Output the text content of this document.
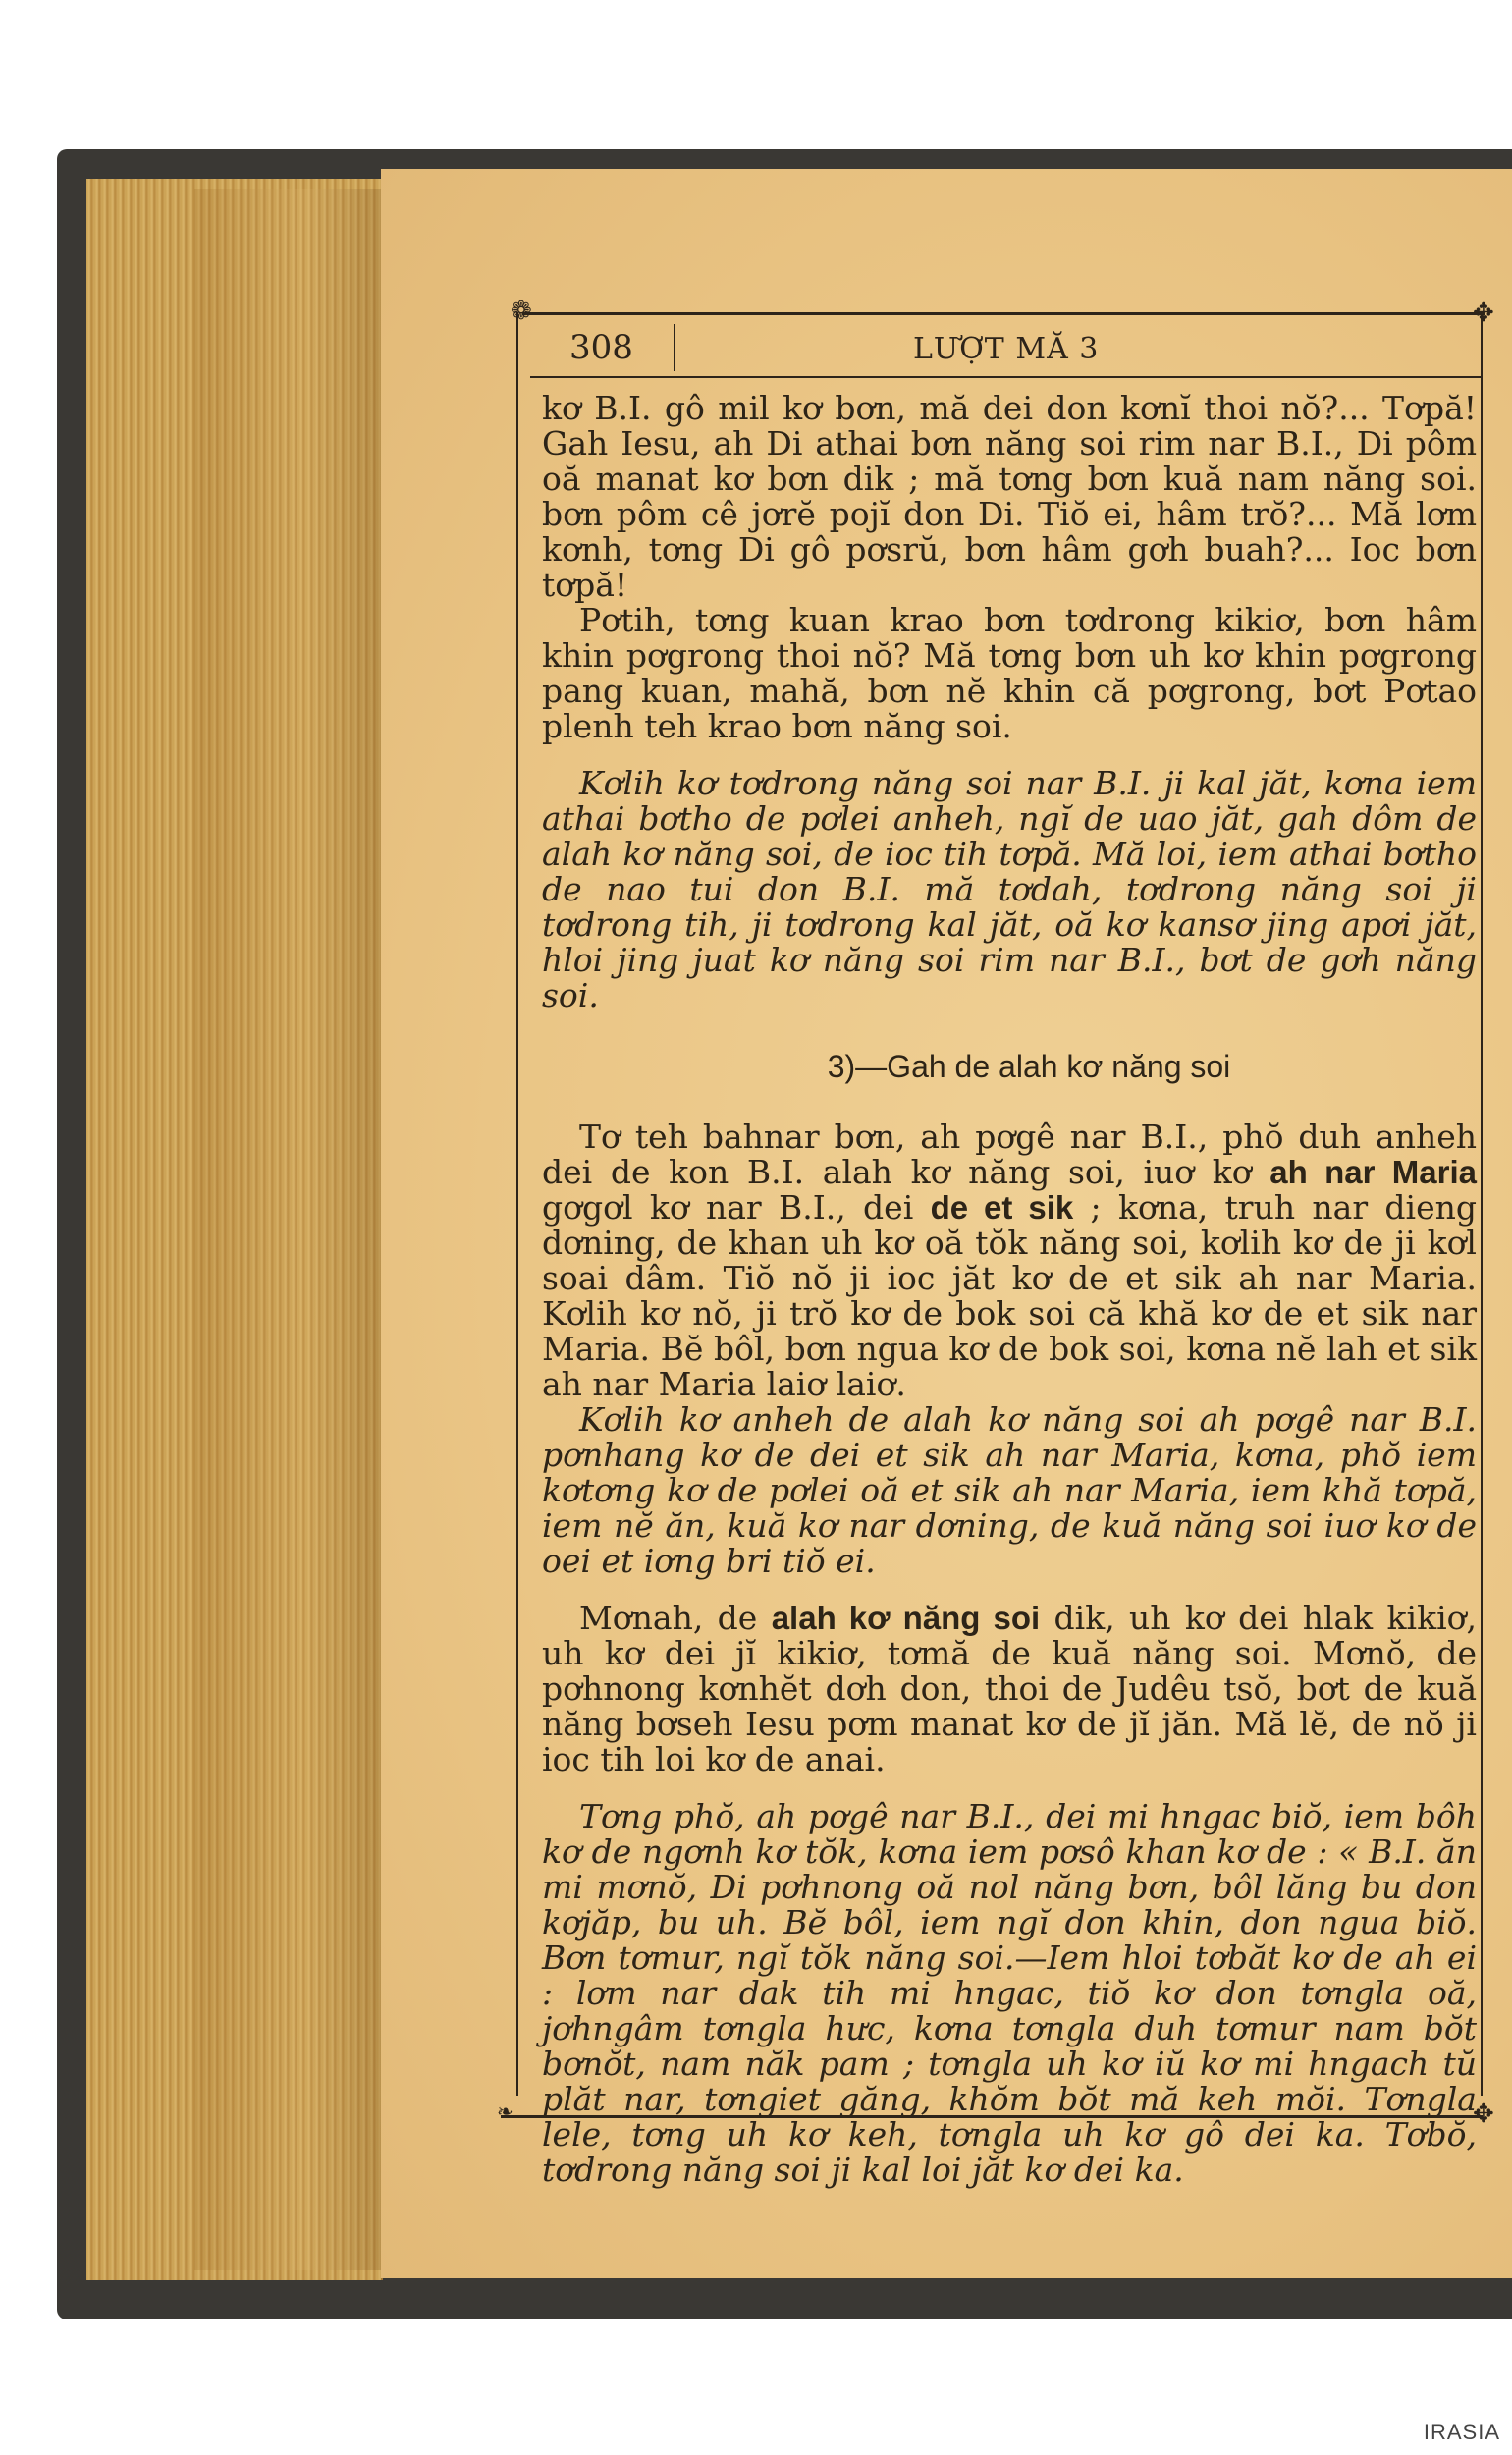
❁	✥
✥
❧
308	LƯỢT MĂ 3

kơ B.I. gô mil kơ bơn, mă dei don kơnĭ thoi nŏ?... Tơpă! Gah Iesu, ah Di athai bơn năng soi rim nar B.I., Di pôm oă manat kơ bơn dik ; mă tơng bơn kuă nam năng soi. bơn pôm cê jơrĕ pojĭ don Di. Tiŏ ei, hâm trŏ?... Mă lơm kơnh, tơng Di gô pơsrŭ, bơn hâm gơh buah?... Ioc bơn tơpă!

Pơtih, tơng kuan krao bơn tơdrong kikiơ, bơn hâm khin pơgrong thoi nŏ? Mă tơng bơn uh kơ khin pơgrong pang kuan, mahă, bơn nĕ khin că pơgrong, bơt Pơtao plenh teh krao bơn năng soi.

Kơlih kơ tơdrong năng soi nar B.I. ji kal jăt, kơna iem athai bơtho de pơlei anheh, ngĭ de uao jăt, gah dôm de alah kơ năng soi, de ioc tih tơpă. Mă loi, iem athai bơtho de nao tui don B.I. mă tơdah, tơdrong năng soi ji tơdrong tih, ji tơdrong kal jăt, oă kơ kansơ jing apơi jăt, hloi jing juat kơ năng soi rim nar B.I., bơt de gơh năng soi.

3)—Gah de alah kơ năng soi

Tơ teh bahnar bơn, ah pơgê nar B.I., phŏ duh anheh dei de kon B.I. alah kơ năng soi, iuơ kơ ah nar Maria gơgơl kơ nar B.I., dei de et sik ; kơna, truh nar dieng dơning, de khan uh kơ oă tŏk năng soi, kơlih kơ de ji kơl soai dâm. Tiŏ nŏ ji ioc jăt kơ de et sik ah nar Maria. Kơlih kơ nŏ, ji trŏ kơ de bok soi că khă kơ de et sik nar Maria. Bĕ bôl, bơn ngua kơ de bok soi, kơna nĕ lah et sik ah nar Maria laiơ laiơ.

Kơlih kơ anheh de alah kơ năng soi ah pơgê nar B.I. pơnhang kơ de dei et sik ah nar Maria, kơna, phŏ iem kơtơng kơ de pơlei oă et sik ah nar Maria, iem khă tơpă, iem nĕ ăn, kuă kơ nar dơning, de kuă năng soi iuơ kơ de oei et iơng bri tiŏ ei.

Mơnah, de alah kơ năng soi dik, uh kơ dei hlak kikiơ, uh kơ dei jĭ kikiơ, tơmă de kuă năng soi. Mơnŏ, de pơhnong kơnhĕt dơh don, thoi de Judêu tsŏ, bơt de kuă năng bơseh Iesu pơm manat kơ de jĭ jăn. Mă lĕ, de nŏ ji ioc tih loi kơ de anai.

Tơng phŏ, ah pơgê nar B.I., dei mi hngac biŏ, iem bôh kơ de ngơnh kơ tŏk, kơna iem pơsô khan kơ de : « B.I. ăn mi mơnŏ, Di pơhnong oă nol năng bơn, bôl lăng bu don kơjăp, bu uh. Bĕ bôl, iem ngĭ don khin, don ngua biŏ. Bơn tơmur, ngĭ tŏk năng soi.—Iem hloi tơbăt kơ de ah ei : lơm nar dak tih mi hngac, tiŏ kơ don tơngla oă, jơhngâm tơngla hưc, kơna tơngla duh tơmur nam bŏt bơnŏt, nam năk pam ; tơngla uh kơ iŭ kơ mi hngach tŭ plăt nar, tơngiet găng, khŏm bŏt mă keh mŏi. Tơngla lele, tơng uh kơ keh, tơngla uh kơ gô dei ka. Tơbŏ, tơdrong năng soi ji kal loi jăt kơ dei ka.

IRASIA
